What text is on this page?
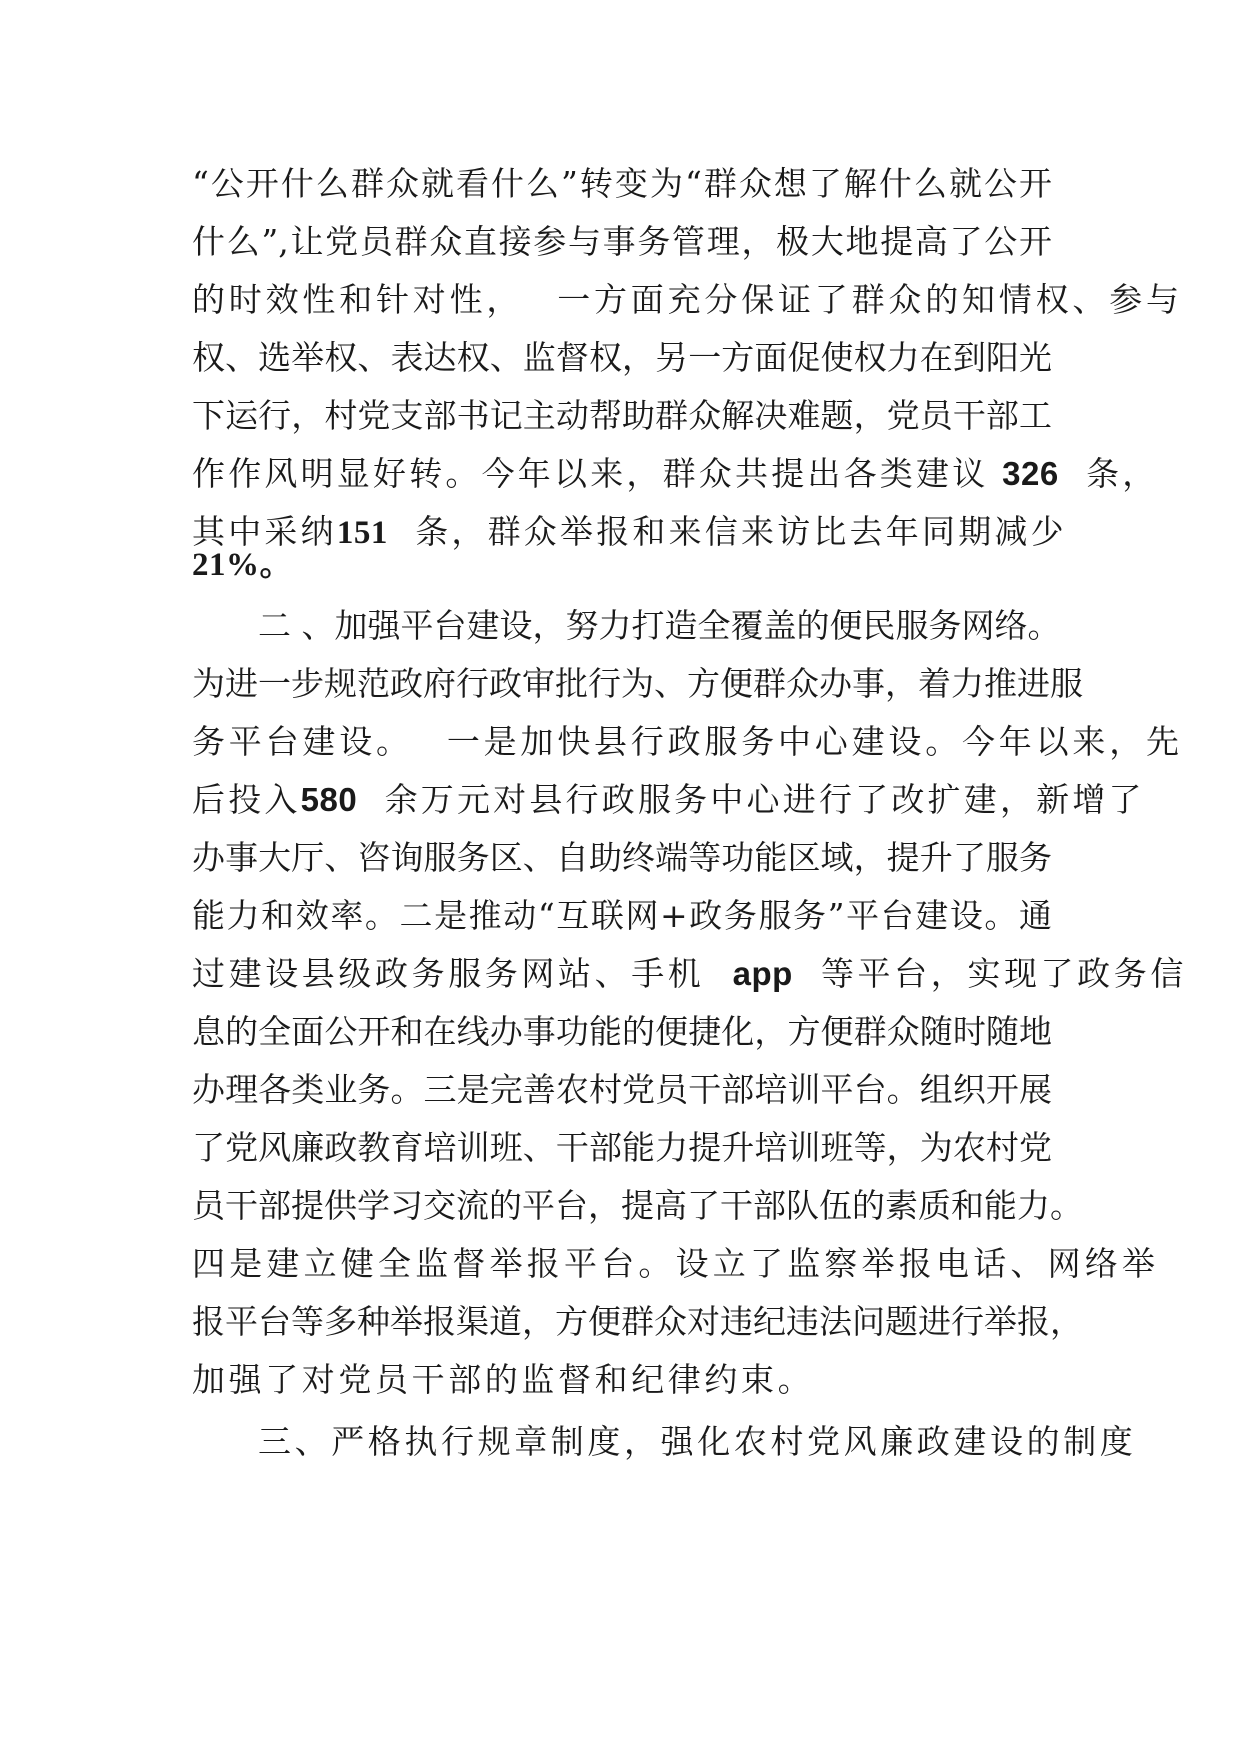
“公开什么群众就看什么”转变为“群众想了解什么就公开
什么”,让党员群众直接参与事务管理，极大地提高了公开
的时效性和针对性， 一方面充分保证了群众的知情权、参与
权、选举权、表达权、监督权，另一方面促使权力在到阳光
下运行，村党支部书记主动帮助群众解决难题，党员干部工
作作风明显好转。今年以来，群众共提出各类建议 326 条，
其中采纳151 条，群众举报和来信来访比去年同期减少
21%。
二 、加强平台建设，努力打造全覆盖的便民服务网络。
为进一步规范政府行政审批行为、方便群众办事，着力推进服
务平台建设。 一是加快县行政服务中心建设。今年以来，先
后投入580 余万元对县行政服务中心进行了改扩建，新增了
办事大厅、咨询服务区、自助终端等功能区域，提升了服务
能力和效率。二是推动“互联网+政务服务”平台建设。通
过建设县级政务服务网站、手机 app 等平台，实现了政务信
息的全面公开和在线办事功能的便捷化，方便群众随时随地
办理各类业务。三是完善农村党员干部培训平台。组织开展
了党风廉政教育培训班、干部能力提升培训班等，为农村党
员干部提供学习交流的平台，提高了干部队伍的素质和能力。
四是建立健全监督举报平台。设立了监察举报电话、网络举
报平台等多种举报渠道，方便群众对违纪违法问题进行举报，
加强了对党员干部的监督和纪律约束。
三、严格执行规章制度，强化农村党风廉政建设的制度
